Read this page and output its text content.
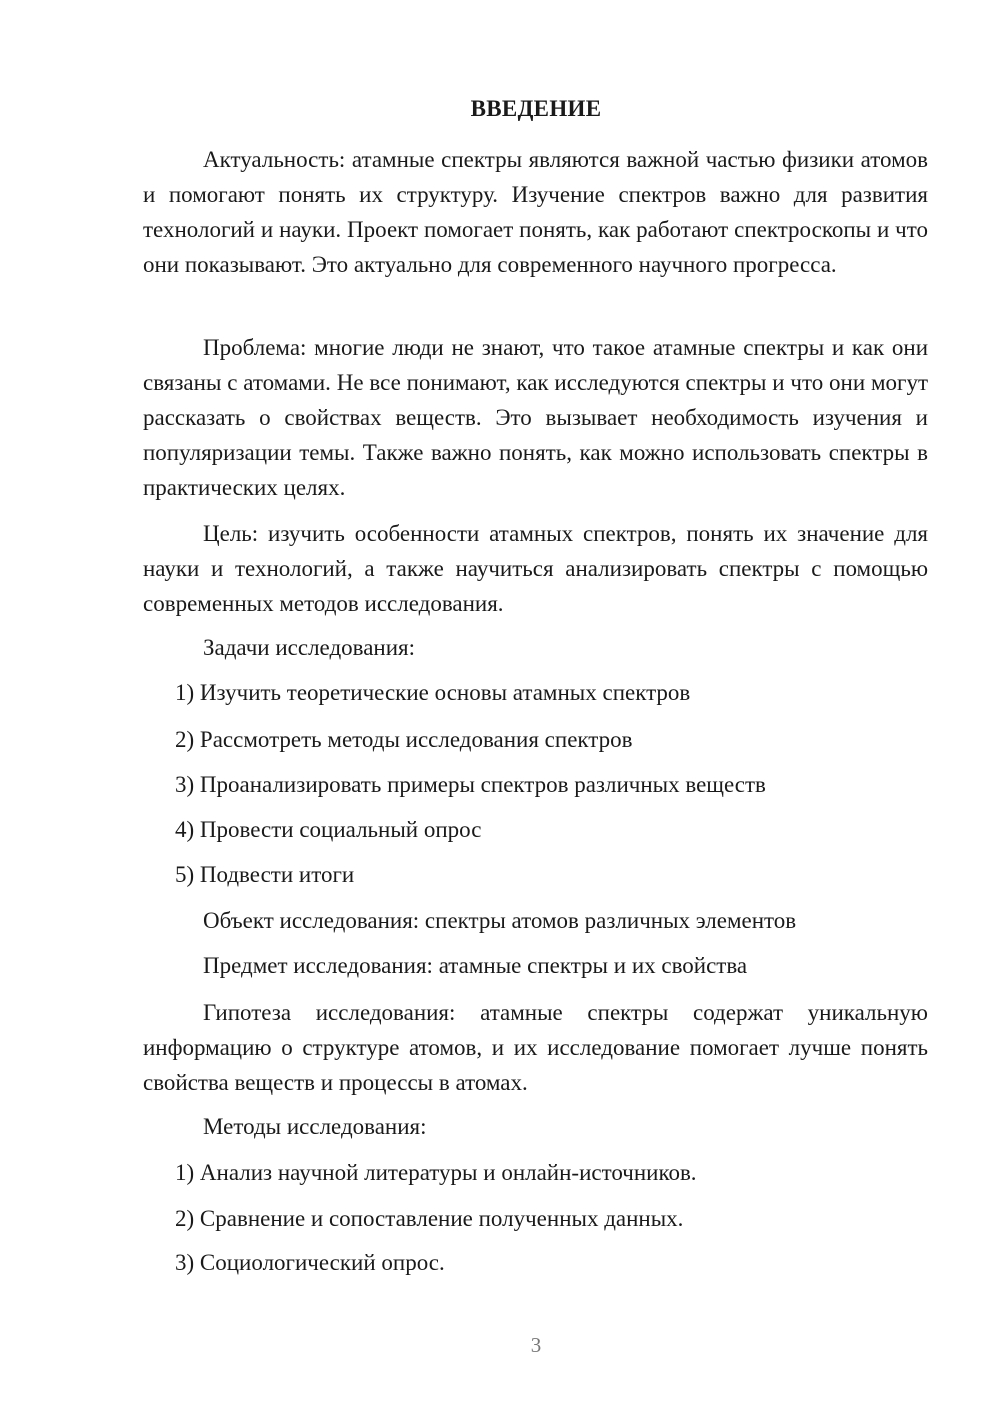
ВВЕДЕНИЕ

Актуальность: атамные спектры являются важной частью физики атомов и помогают понять их структуру. Изучение спектров важно для развития технологий и науки. Проект помогает понять, как работают спектроскопы и что они показывают. Это актуально для современного научного прогресса.

Проблема: многие люди не знают, что такое атамные спектры и как они связаны с атомами. Не все понимают, как исследуются спектры и что они могут рассказать о свойствах веществ. Это вызывает необходимость изучения и популяризации темы. Также важно понять, как можно использовать спектры в практических целях.

Цель: изучить особенности атамных спектров, понять их значение для науки и технологий, а также научиться анализировать спектры с помощью современных методов исследования.

Задачи исследования:
1) Изучить теоретические основы атамных спектров
2) Рассмотреть методы исследования спектров
3) Проанализировать примеры спектров различных веществ
4) Провести социальный опрос
5) Подвести итоги
Объект исследования: спектры атомов различных элементов
Предмет исследования: атамные спектры и их свойства

Гипотеза исследования: атамные спектры содержат уникальную информацию о структуре атомов, и их исследование помогает лучше понять свойства веществ и процессы в атомах.

Методы исследования:
1) Анализ научной литературы и онлайн-источников.
2) Сравнение и сопоставление полученных данных.
3) Социологический опрос.
3
